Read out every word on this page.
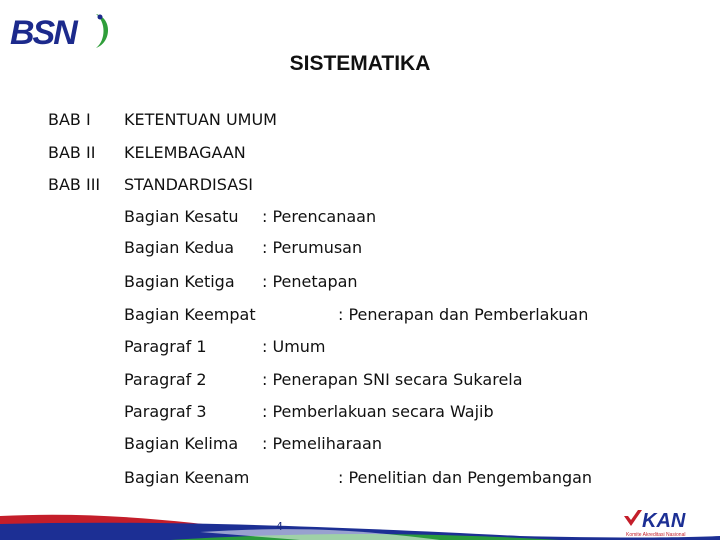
BSN
SISTEMATIKA
BAB I KETENTUAN UMUM
BAB II KELEMBAGAAN
BAB III STANDARDISASI
Bagian Kesatu : Perencanaan
Bagian Kedua : Perumusan
Bagian Ketiga : Penetapan
Bagian Keempat	: Penerapan dan Pemberlakuan
Paragraf 1	: Umum
Paragraf 2	: Penerapan SNI secara Sukarela
Paragraf 3	: Pemberlakuan secara Wajib
Bagian Kelima : Pemeliharaan
Bagian Keenam	: Penelitian dan Pengembangan
4	KAN
Komite Akreditasi Nasional
